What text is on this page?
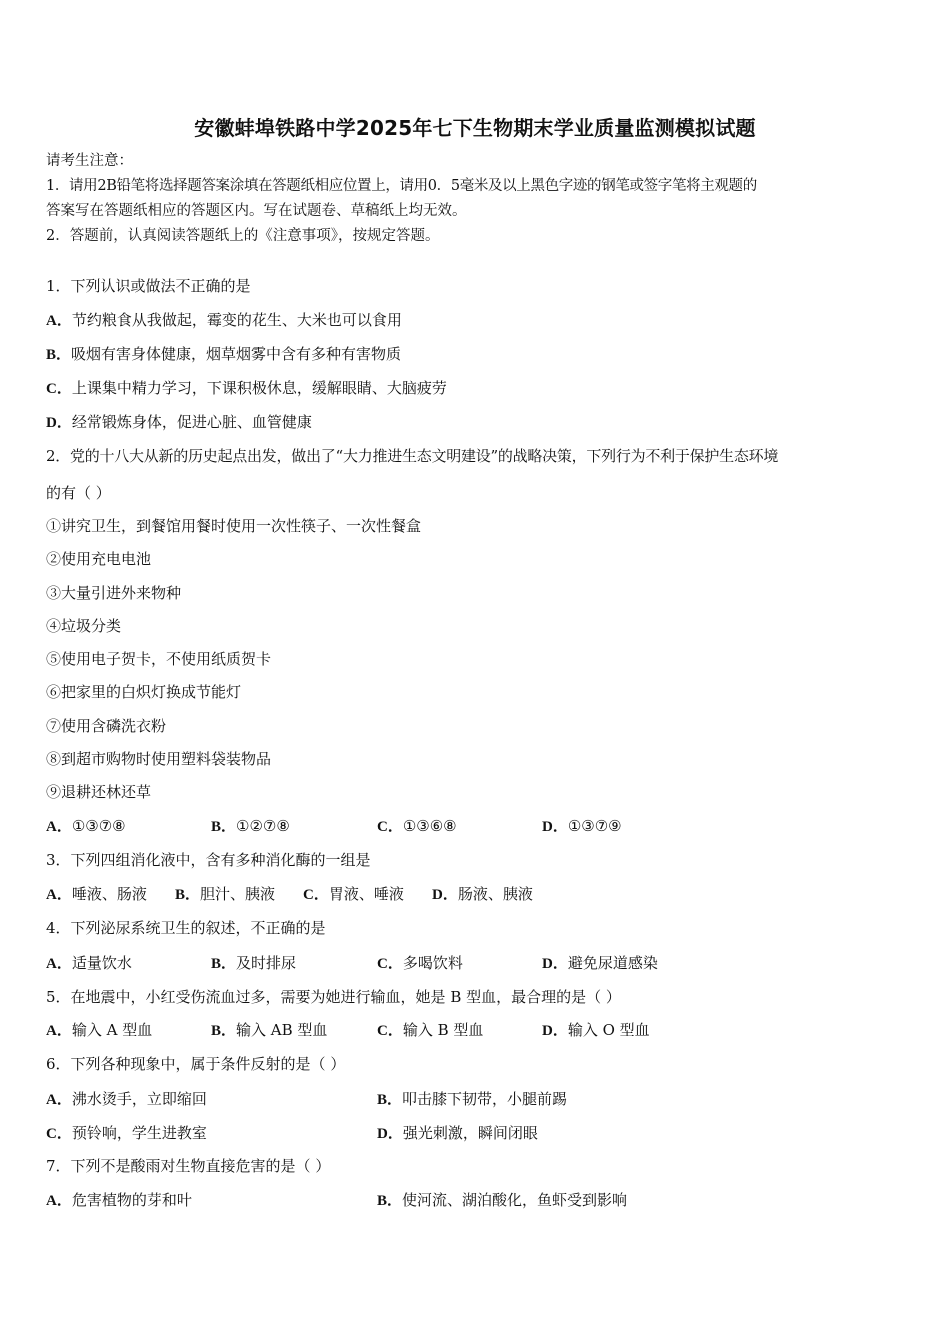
安徽蚌埠铁路中学2025年七下生物期末学业质量监测模拟试题
请考生注意：
1．请用2B铅笔将选择题答案涂填在答题纸相应位置上，请用0．5毫米及以上黑色字迹的钢笔或签字笔将主观题的
答案写在答题纸相应的答题区内。写在试题卷、草稿纸上均无效。
2．答题前，认真阅读答题纸上的《注意事项》，按规定答题。
1．下列认识或做法不正确的是
A．节约粮食从我做起，霉变的花生、大米也可以食用
B．吸烟有害身体健康，烟草烟雾中含有多种有害物质
C．上课集中精力学习，下课积极休息，缓解眼睛、大脑疲劳
D．经常锻炼身体，促进心脏、血管健康
2．党的十八大从新的历史起点出发，做出了“大力推进生态文明建设”的战略决策，下列行为不利于保护生态环境
的有（ ）
①讲究卫生，到餐馆用餐时使用一次性筷子、一次性餐盒
②使用充电电池
③大量引进外来物种
④垃圾分类
⑤使用电子贺卡，不使用纸质贺卡
⑥把家里的白炽灯换成节能灯
⑦使用含磷洗衣粉
⑧到超市购物时使用塑料袋装物品
⑨退耕还林还草
A．①③⑦⑧	B．①②⑦⑧	C．①③⑥⑧	D．①③⑦⑨
3．下列四组消化液中，含有多种消化酶的一组是
A．唾液、肠液 B．胆汁、胰液 C．胃液、唾液 D．肠液、胰液
4．下列泌尿系统卫生的叙述，不正确的是
A．适量饮水	B．及时排尿	C．多喝饮料	D．避免尿道感染
5．在地震中，小红受伤流血过多，需要为她进行输血，她是 B 型血，最合理的是（ ）
A．输入 A 型血	B．输入 AB 型血	C．输入 B 型血	D．输入 O 型血
6．下列各种现象中，属于条件反射的是（ ）
A．沸水烫手，立即缩回	B．叩击膝下韧带，小腿前踢
C．预铃响，学生进教室	D．强光刺激，瞬间闭眼
7．下列不是酸雨对生物直接危害的是（ ）
A．危害植物的芽和叶	B．使河流、湖泊酸化，鱼虾受到影响
